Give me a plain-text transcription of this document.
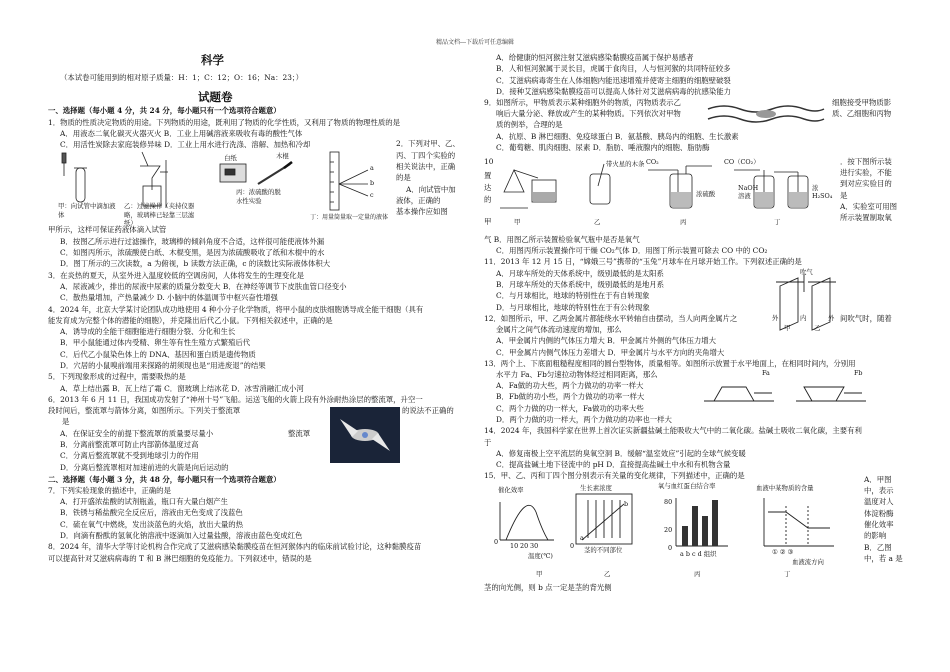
精品文档---下载后可任意编辑
科学
（本试卷可能用到的相对原子质量：H：1；C：12；O：16；Na：23；）
试题卷
一、选择题（每小题 4 分，共 24 分，每小题只有一个选项符合题意）
1．物质的性质决定物质的用途。下列物质的用途，既利用了物质的化学性质，又利用了物质的物理性质的是
A．用液态二氧化碳灭火器灭火 B．工业上用碱溶液来吸收有毒的酸性气体
C．用活性炭除去家庭装修异味 D．工业上用水进行洗涤、溶解、加热和冷却
白纸	木棍
a
b
c
甲：向试管中滴加液体
乙：过滤操作（夹持仪器略，玻璃棒已轻靠三层滤纸）
丙：浓硫酸的脱水性实验
丁：用量筒量取一定量的液体
2．下列对甲、乙、
丙、丁四个实验的
相关说法中，正确
的是
A．向试管中加
液体，正确的
基本操作应如图
甲所示，这样可保证药液体滴入试管
B．按图乙所示进行过滤操作，玻璃棒的倾斜角度不合适，这样很可能使液体外漏
C．如图丙所示，浓硫酸使白纸、木棍变黑，是因为浓硫酸吸收了纸和木棍中的水
D．图丁所示的三次读数，a 为俯视，b 读数方法正确，c 的读数比实际液体体积大
3．在炎热的夏天，从室外进入温度较低的空调房间，人体将发生的生理变化是
A．尿液减少，排出的尿液中尿素的质量分数变大 B．在神经等调节下皮肤血管口径变小
C．散热量增加，产热量减少 D. 小脑中的体温调节中枢兴奋性增强
4．2024 年，北京大学某讨论团队成功地使用 4 种小分子化学物质，将甲小鼠的皮肤细胞诱导成全能干细胞（具有
能发育成为完整个体的潜能的细胞），并克隆出后代乙小鼠。下列相关叙述中，正确的是
A．诱导成的全能干细胞能进行细胞分裂、分化和生长
B．甲小鼠能通过体内受精、卵生等有性生殖方式繁殖后代
C．后代乙小鼠染色体上的 DNA、基因和蛋白质是遗传物质
D．穴居的小鼠嗅前端用来探路的胡须现也是“用进废退”的结果
5．下列现象形成的过程中，需要吸热的是
A．草上结出露 B．瓦上结了霜 C．窗玻璃上结冰花 D．冰雪消融汇成小河
6．2013 年 6 月 11 日，我国成功发射了“神州十号”飞船。运送飞船的火箭上段有外涂耐热涂层的整流罩，升空一
段时间后，整流罩与箭体分离，如图所示。下列关于整流罩	的说法不正确的
是
A．在保证安全的前提下整流罩的质量要尽量小
B．分离前整流罩可防止内部箭体温度过高
C．分离后整流罩就不受到地球引力的作用
整流罩
D．分离后整流罩相对加速前进的火箭是向后运动的
二、选择题（每小题 3 分，共 48 分，每小题只有一个选项符合题意）
7．下列实验现象的描述中，正确的是
A．打开盛浓盐酸的试剂瓶盖，瓶口有大量白烟产生
B．铁锈与稀盐酸完全反应后，溶液由无色变成了浅蓝色
C．硫在氧气中燃烧，发出淡蓝色的火焰，放出大量的热
D．向滴有酚酞的氢氧化钠溶液中逐滴加入过量盐酸，溶液由蓝色变成红色
8．2024 年，清华大学等讨论机构合作完成了艾滋病感染黏膜疫苗在恒河猴体内的临床前试验讨论，这种黏膜疫苗
可以提高针对艾滋病病毒的 T 和 B 淋巴细胞的免疫能力。下列叙述中，错误的是
A．给健康的恒河猴注射艾滋病感染黏膜疫苗属于保护易感者
B．人和恒河猴属于灵长目，虎属于食肉目，人与恒河猴的共同特征较多
C．艾滋病病毒寄生在人体细胞内能迅速增殖并使寄主细胞的细胞壁破裂
D．接种艾滋病感染黏膜疫苗可以提高人体针对艾滋病病毒的抗感染能力
9．如图所示，甲物质表示某种细胞外的物质，丙物质表示乙	细胞接受甲物质影
响后大量分泌、释放或产生的某种物质。下列依次对甲物	质、乙细胞和丙物
质的例举，合理的是
A．抗原、B 淋巴细胞、免疫球蛋白 B．氨基酸、胰岛内的细胞、生长激素
C．葡萄糖、肌肉细胞、尿素 D．脂肪、唾液腺内的细胞、脂肪酶
10
置
达
的
甲
带火星的木条 CO₂
浓硫酸
CO（CO₂）
NaOH 溶液
浓 H₂SO₄
甲	乙	丙	丁
．按下图所示装
进行实验，不能
到对应实验目的
是
A．实验室可用图
所示装置制取氧
气 B．用图乙所示装置检验氧气瓶中是否是氧气
C．用图丙所示装置操作可干燥 CO₂气体 D．用图丁所示装置可除去 CO 中的 CO₂
11．2013 年 12 月 15 日，“嫦娥三号”携带的“玉兔”月球车在月球开始工作。下列叙述正确的是
A．月球车所处的天体系统中，级别最低的是太阳系
B．月球车所处的天体系统中，级别最低的是地月系
C．与月球相比，地球的特别性在于有自转现象
D．与月球相比，地球的特别性在于有公转现象
12．如图所示，甲、乙两金属片都能绕水平转轴自由摆动，当人向两金属片之	间吹气时，随着
金属片之间气体流动速度的增加，那么
A．甲金属片内侧的气体压力增大 B．甲金属片外侧的气体压力增大
吹气
外	内	外
甲	乙
C．甲金属片内侧气体压力差增大 D．甲金属片与水平方向的夹角增大
13．两个上、下底面粗糙程度相同的圆台型物体，质量相等。如图所示放置于水平地面上，在相同时间内，分别用
水平力 Fa、Fb匀速拉动物体经过相同距离，那么
A．Fa做的功大些，两个力做功的功率一样大
B．Fb做的功小些，两个力做功的功率一样大
C．两个力做的功一样大，Fa做功的功率大些
D．两个力做的功一样大，两个力做功的功率也一样大
Fa	Fb
14．2024 年，我国科学家在世界上首次证实新疆盐碱土能吸收大气中的二氧化碳。盐碱土吸收二氧化碳，主要有利
于
A．修复南极上空平流层的臭氧空洞 B．缓解“温室效应”引起的全球气候变暖
C．提高盐碱土地下径流中的 pH D．直接提高盐碱土中水和有机物含量
15．甲、乙、丙和丁四个图分别表示有关量的变化规律，下列描述中，正确的是
催化效率
10 20 30
0
温度(℃)
生长素浓度
a
b
0 茎的不同部位
氧与血红蛋白结合率
80
20
0
a b c d 组织
血液中某物质的含量
① ② ③
血液流方向
甲	乙	丙	丁
A．甲图
中，表示
温度对人
体淀粉酶
催化效率
的影响
B．乙图
中，若 a 是
茎的向光侧，则 b 点一定是茎的背光侧
